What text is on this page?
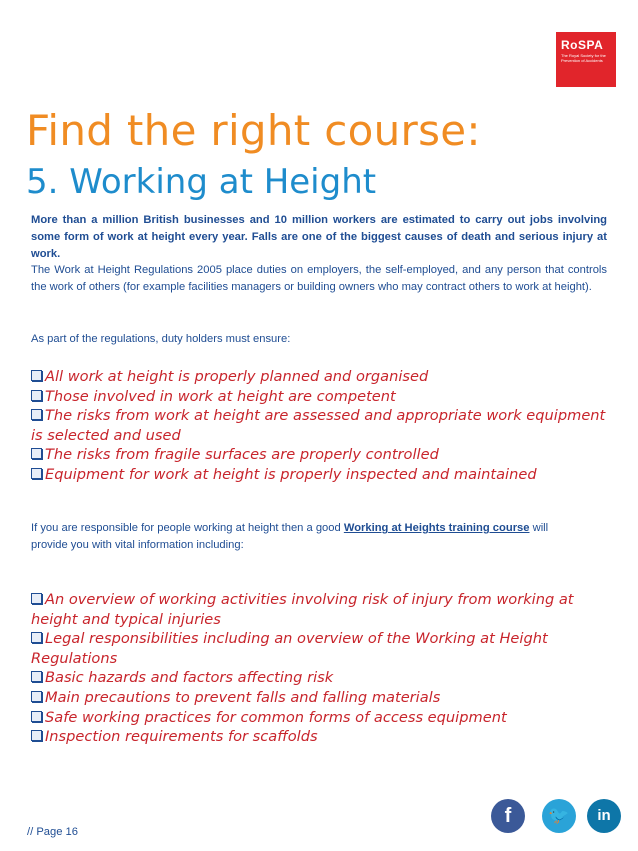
RoSPA
The Royal Society for the Prevention of Accidents
Find the right course:
5. Working at Height

More than a million British businesses and 10 million workers are estimated to carry out jobs involving some form of work at height every year. Falls are one of the biggest causes of death and serious injury at work.
The Work at Height Regulations 2005 place duties on employers, the self-employed, and any person that controls the work of others (for example facilities managers or building owners who may contract others to work at height).

As part of the regulations, duty holders must ensure:

All work at height is properly planned and organised
Those involved in work at height are competent
The risks from work at height are assessed and appropriate work equipment is selected and used
The risks from fragile surfaces are properly controlled
Equipment for work at height is properly inspected and maintained

If you are responsible for people working at height then a good Working at Heights training course will provide you with vital information including:

An overview of working activities involving risk of injury from working at height and typical injuries
Legal responsibilities including an overview of the Working at Height Regulations
Basic hazards and factors affecting risk
Main precautions to prevent falls and falling materials
Safe working practices for common forms of access equipment
Inspection requirements for scaffolds
f	🐦	in
// Page 16
